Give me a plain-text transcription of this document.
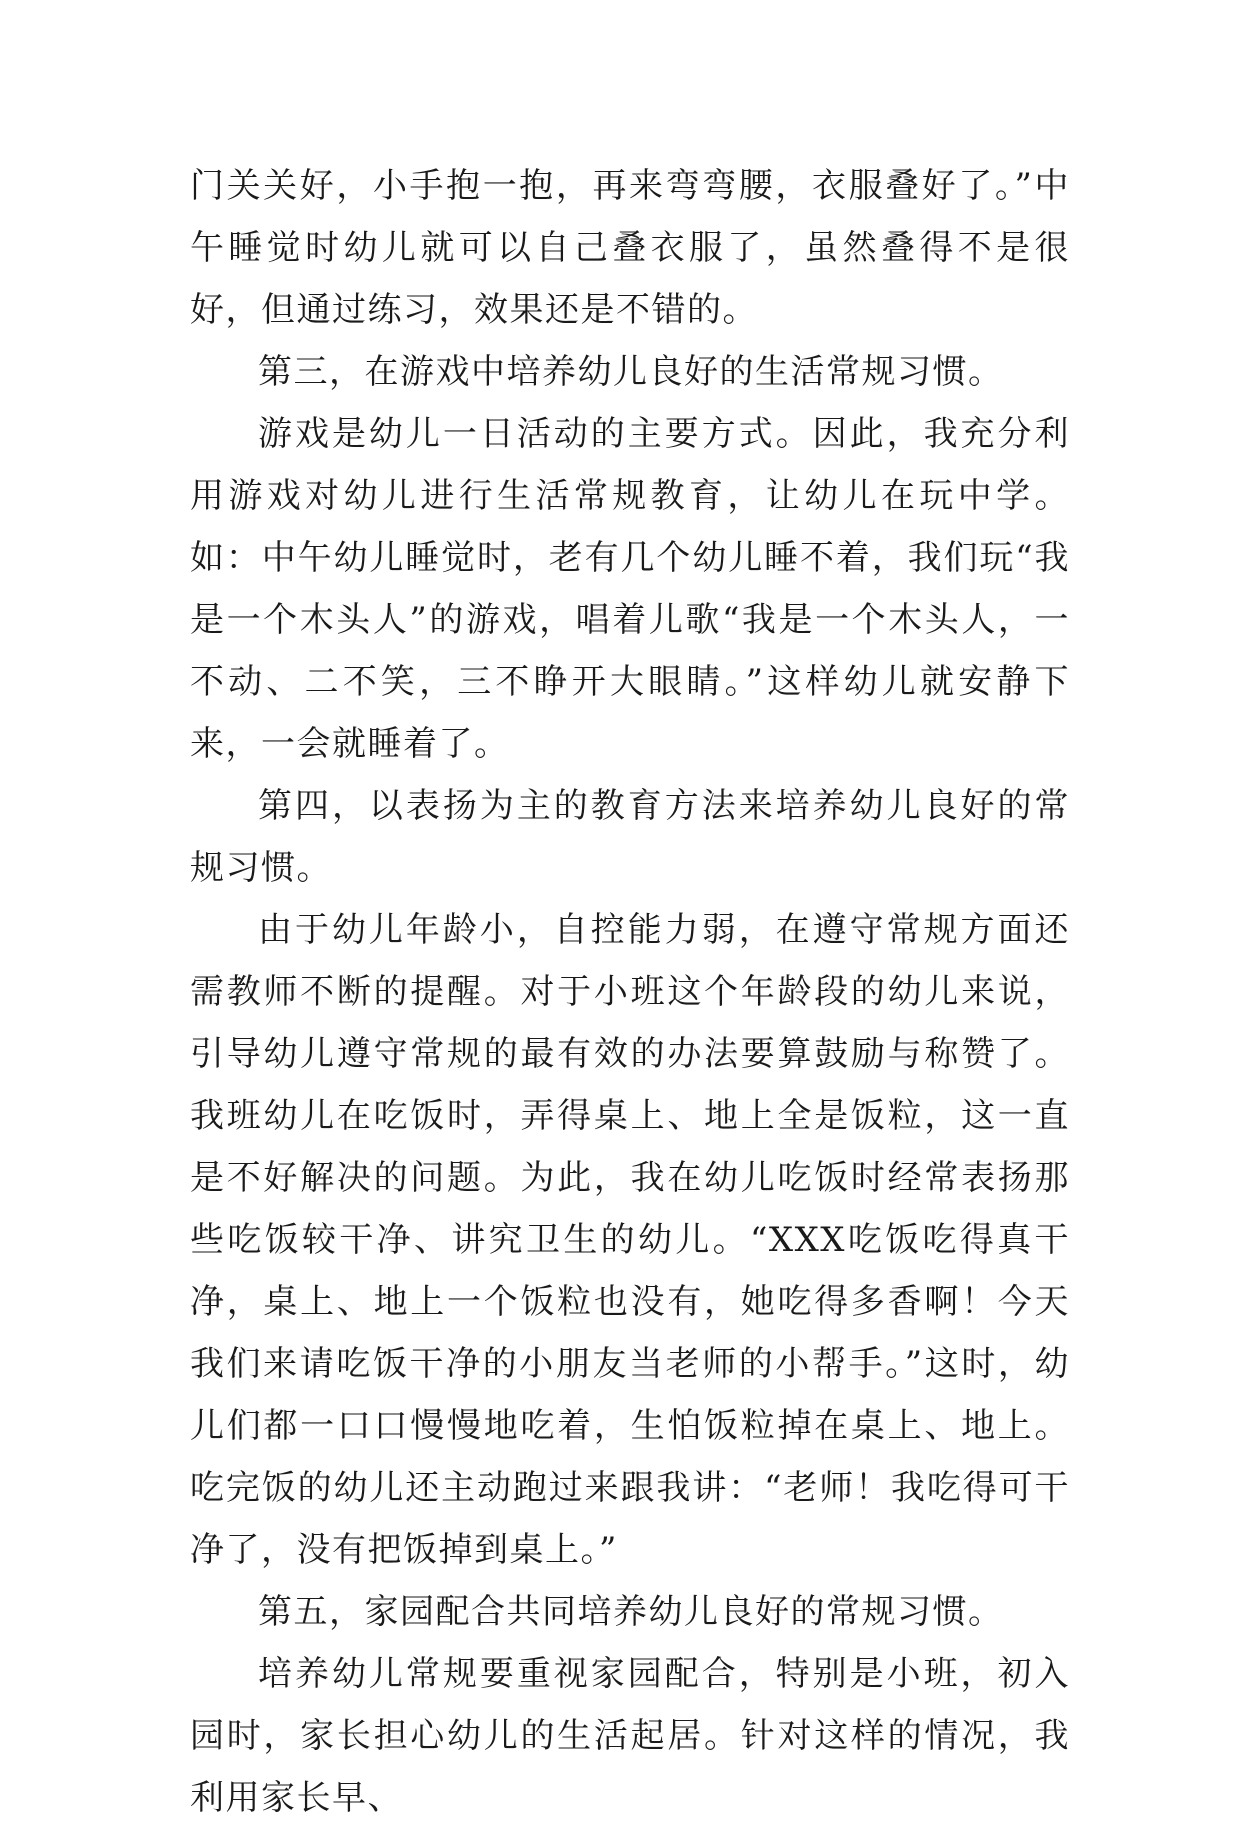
门关关好，小手抱一抱，再来弯弯腰，衣服叠好了。”中午睡觉时幼儿就可以自己叠衣服了，虽然叠得不是很好，但通过练习，效果还是不错的。

第三，在游戏中培养幼儿良好的生活常规习惯。

游戏是幼儿一日活动的主要方式。因此，我充分利用游戏对幼儿进行生活常规教育，让幼儿在玩中学。如：中午幼儿睡觉时，老有几个幼儿睡不着，我们玩“我是一个木头人”的游戏，唱着儿歌“我是一个木头人，一不动、二不笑，三不睁开大眼睛。”这样幼儿就安静下来，一会就睡着了。

第四，以表扬为主的教育方法来培养幼儿良好的常规习惯。

由于幼儿年龄小，自控能力弱，在遵守常规方面还需教师不断的提醒。对于小班这个年龄段的幼儿来说，引导幼儿遵守常规的最有效的办法要算鼓励与称赞了。我班幼儿在吃饭时，弄得桌上、地上全是饭粒，这一直是不好解决的问题。为此，我在幼儿吃饭时经常表扬那些吃饭较干净、讲究卫生的幼儿。“XXX吃饭吃得真干净，桌上、地上一个饭粒也没有，她吃得多香啊！今天我们来请吃饭干净的小朋友当老师的小帮手。”这时，幼儿们都一口口慢慢地吃着，生怕饭粒掉在桌上、地上。吃完饭的幼儿还主动跑过来跟我讲：“老师！我吃得可干净了，没有把饭掉到桌上。”

第五，家园配合共同培养幼儿良好的常规习惯。

培养幼儿常规要重视家园配合，特别是小班，初入园时，家长担心幼儿的生活起居。针对这样的情况，我利用家长早、
